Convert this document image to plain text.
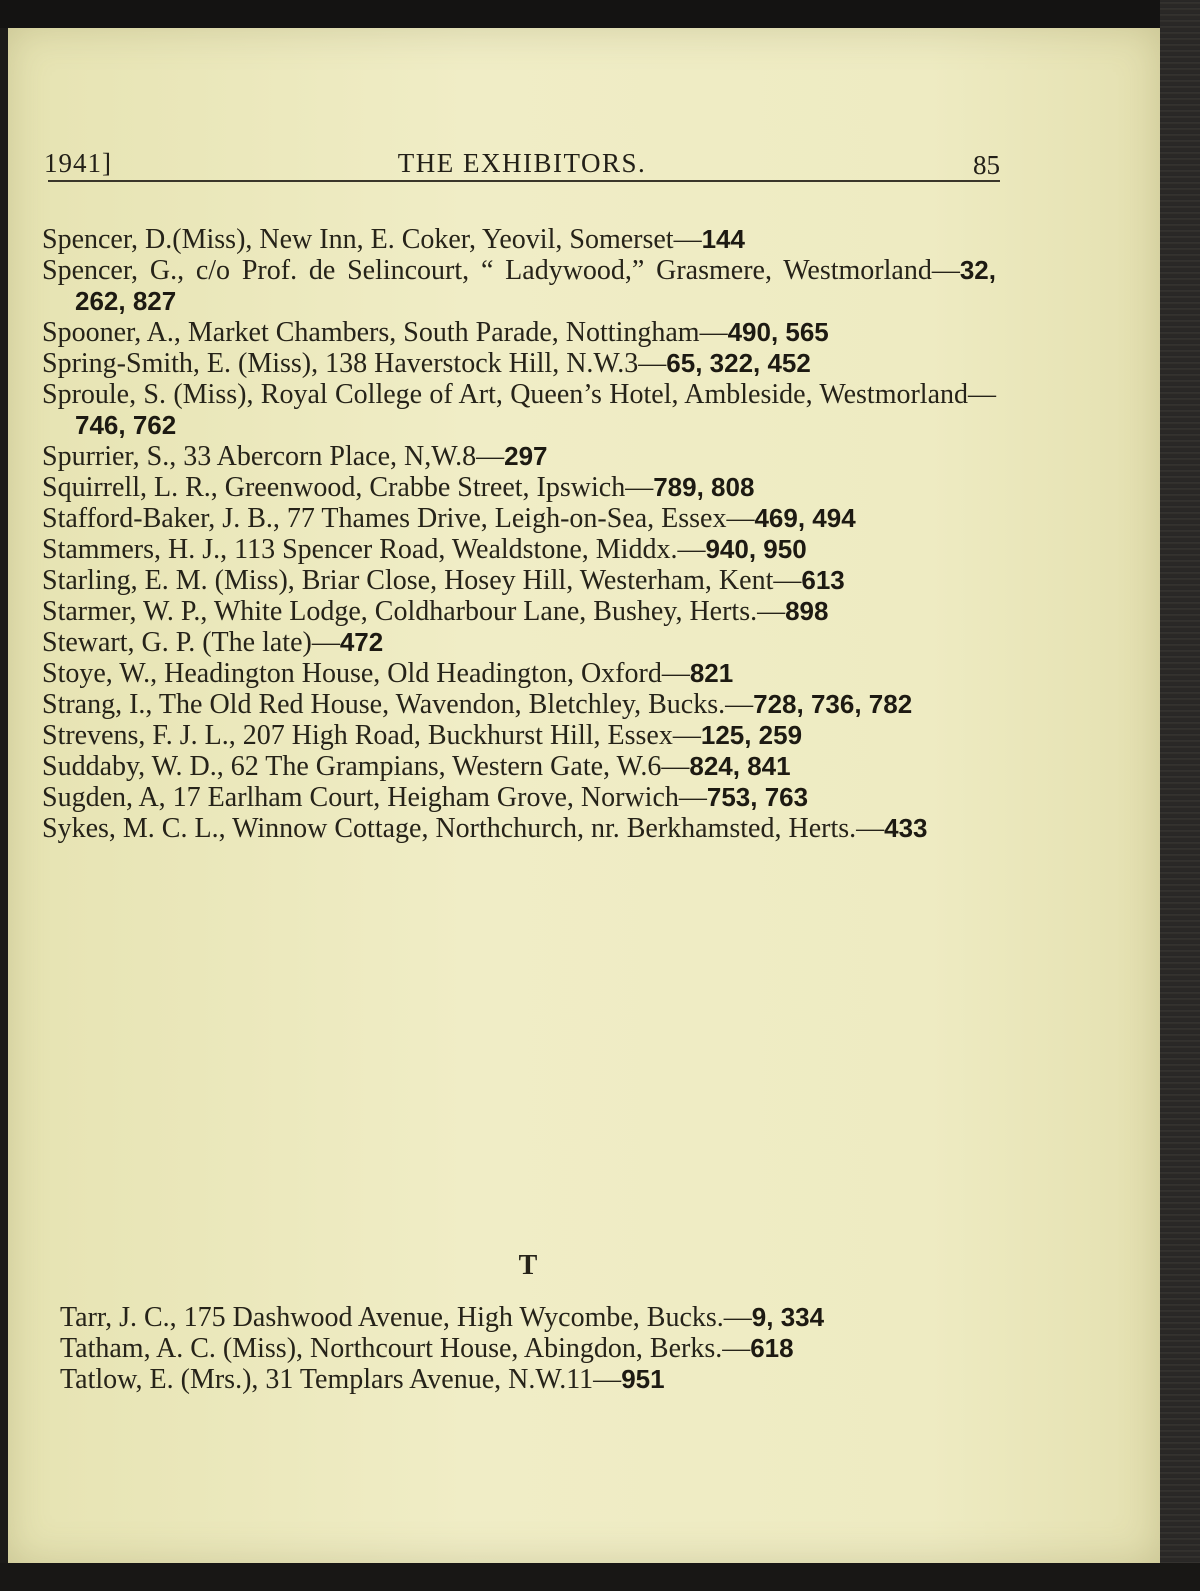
1941]	THE EXHIBITORS.	85

Spencer, D.(Miss), New Inn, E. Coker, Yeovil, Somerset—144

Spencer, G., c/o Prof. de Selincourt, “ Ladywood,” Grasmere, Westmorland—32, 262, 827

Spooner, A., Market Chambers, South Parade, Nottingham—490, 565

Spring-Smith, E. (Miss), 138 Haverstock Hill, N.W.3—65, 322, 452

Sproule, S. (Miss), Royal College of Art, Queen’s Hotel, Ambleside, Westmorland—746, 762

Spurrier, S., 33 Abercorn Place, N,W.8—297

Squirrell, L. R., Greenwood, Crabbe Street, Ipswich—789, 808

Stafford-Baker, J. B., 77 Thames Drive, Leigh-on-Sea, Essex—469, 494

Stammers, H. J., 113 Spencer Road, Wealdstone, Middx.—940, 950

Starling, E. M. (Miss), Briar Close, Hosey Hill, Westerham, Kent—613

Starmer, W. P., White Lodge, Coldharbour Lane, Bushey, Herts.—898

Stewart, G. P. (The late)—472

Stoye, W., Headington House, Old Headington, Oxford—821

Strang, I., The Old Red House, Wavendon, Bletchley, Bucks.—728, 736, 782

Strevens, F. J. L., 207 High Road, Buckhurst Hill, Essex—125, 259

Suddaby, W. D., 62 The Grampians, Western Gate, W.6—824, 841

Sugden, A, 17 Earlham Court, Heigham Grove, Norwich—753, 763

Sykes, M. C. L., Winnow Cottage, Northchurch, nr. Berkhamsted, Herts.—433

T

Tarr, J. C., 175 Dashwood Avenue, High Wycombe, Bucks.—9, 334

Tatham, A. C. (Miss), Northcourt House, Abingdon, Berks.—618

Tatlow, E. (Mrs.), 31 Templars Avenue, N.W.11—951
